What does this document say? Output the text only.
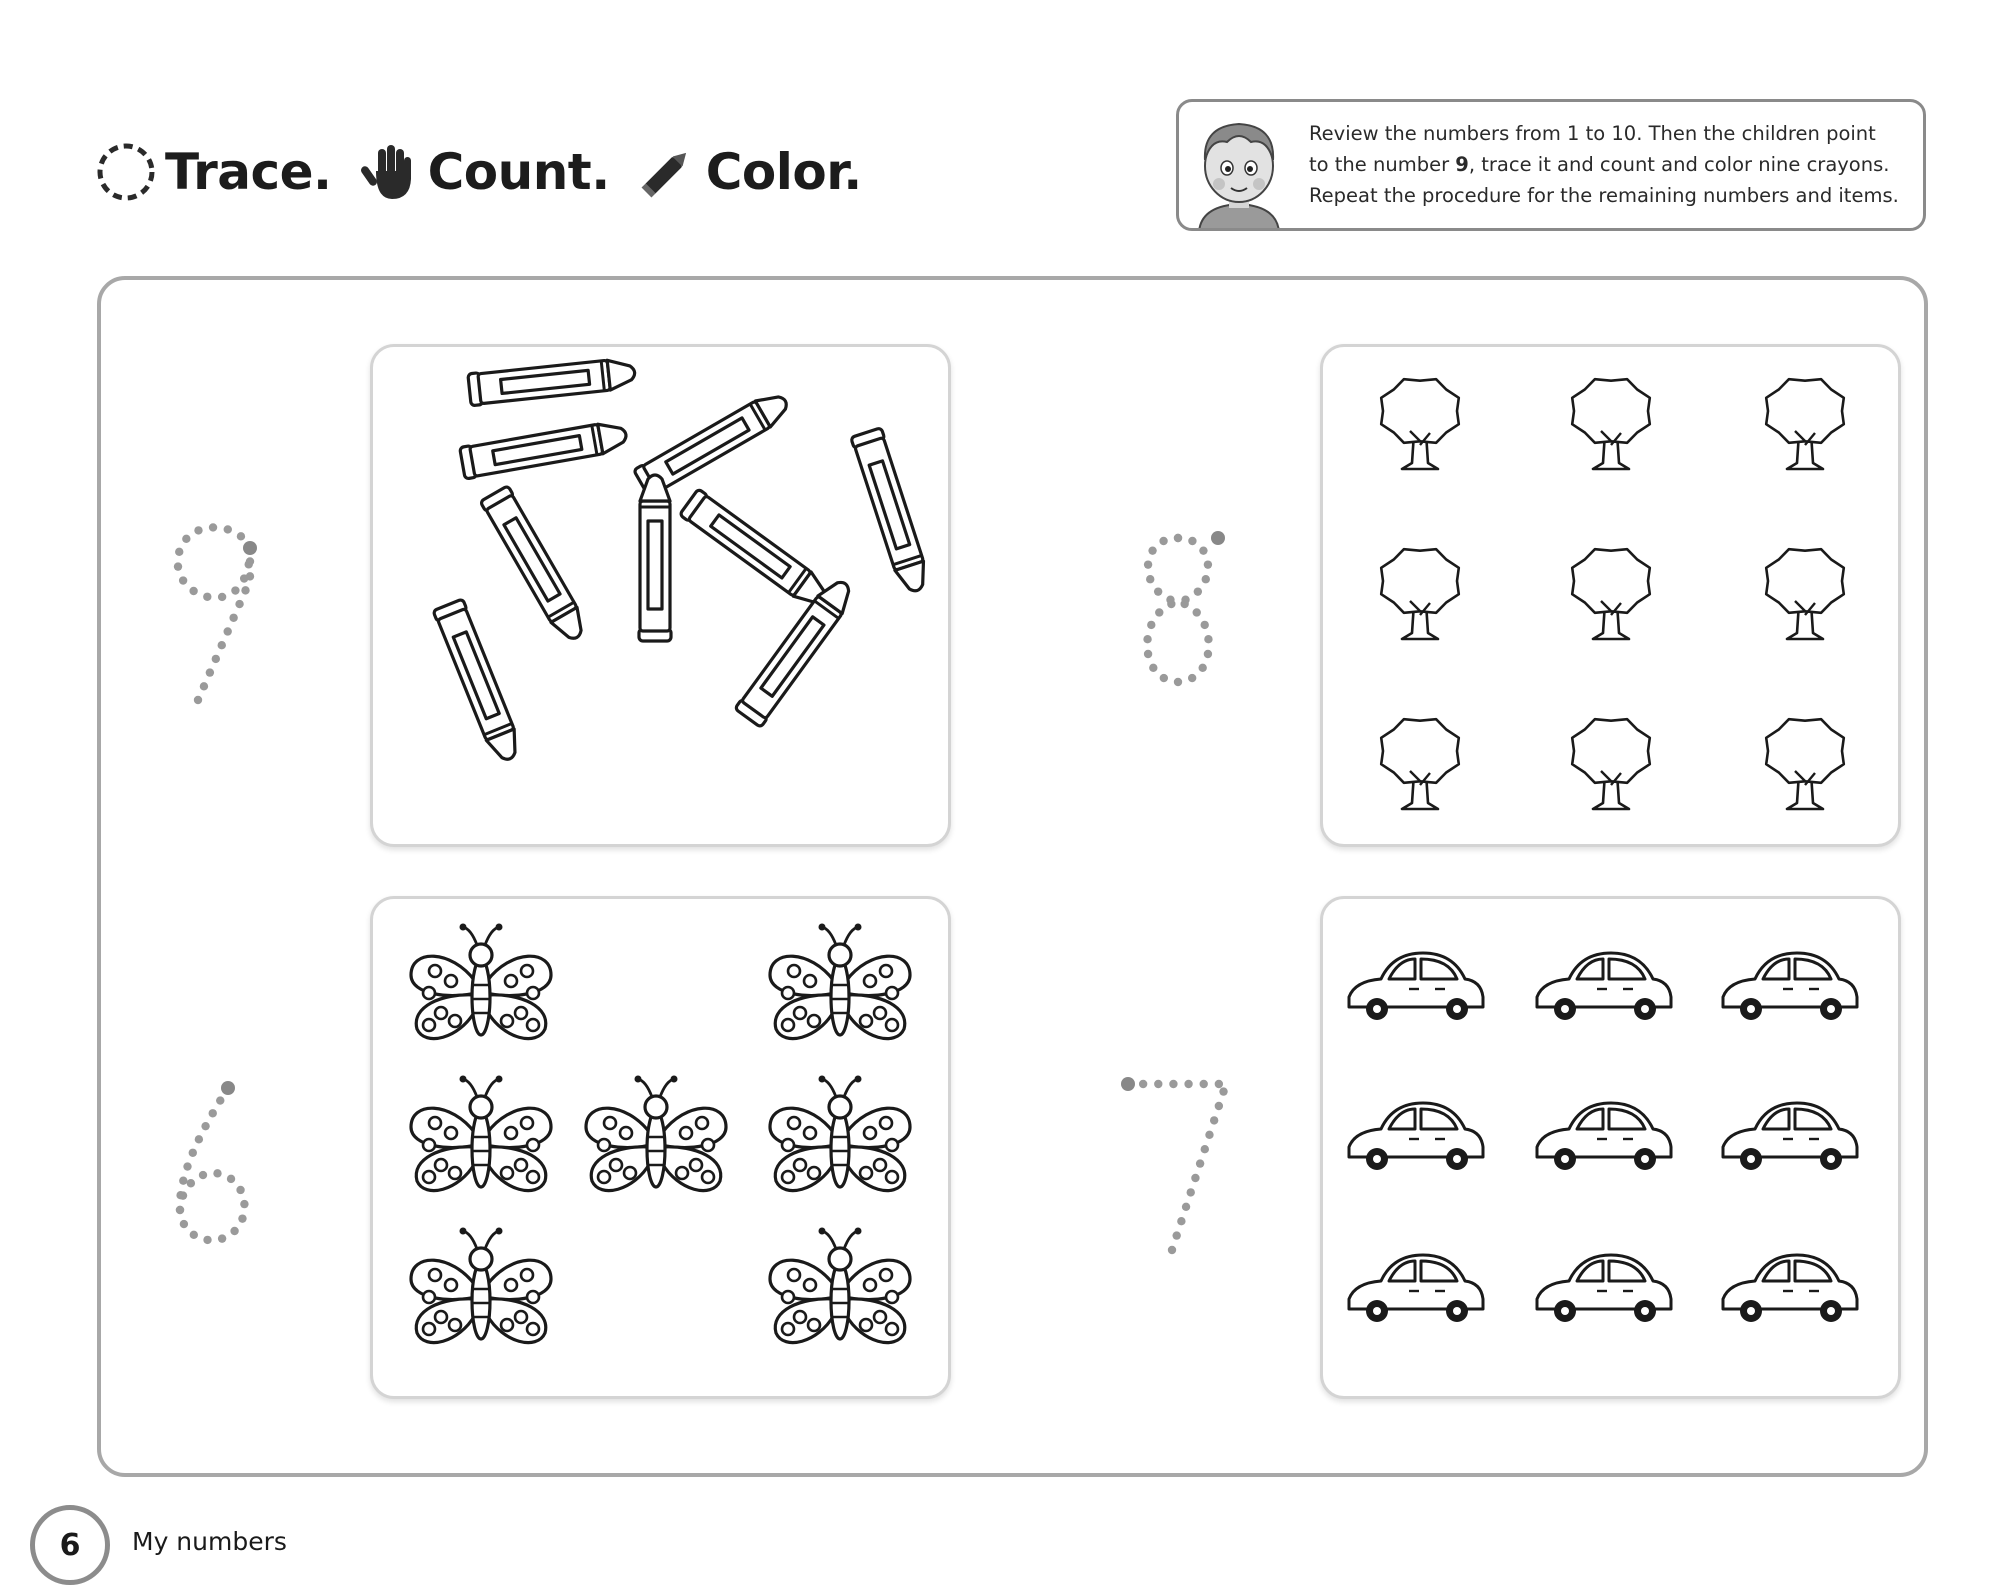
Trace. Count. Color.
Review the numbers from 1 to 10. Then the children point
to the number 9, trace it and count and color nine crayons.
Repeat the procedure for the remaining numbers and items.
6 My numbers
